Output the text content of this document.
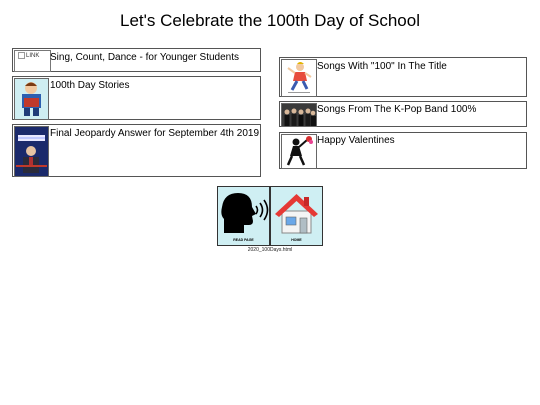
Let's Celebrate the 100th Day of School
LINK Sing, Count, Dance - for Younger Students
100th Day Stories
Final Jeopardy Answer for September 4th 2019
Songs With "100" In The Title
Songs From The K-Pop Band 100%
Happy Valentines
READ PAGE	HOME
2020_100Days.html
